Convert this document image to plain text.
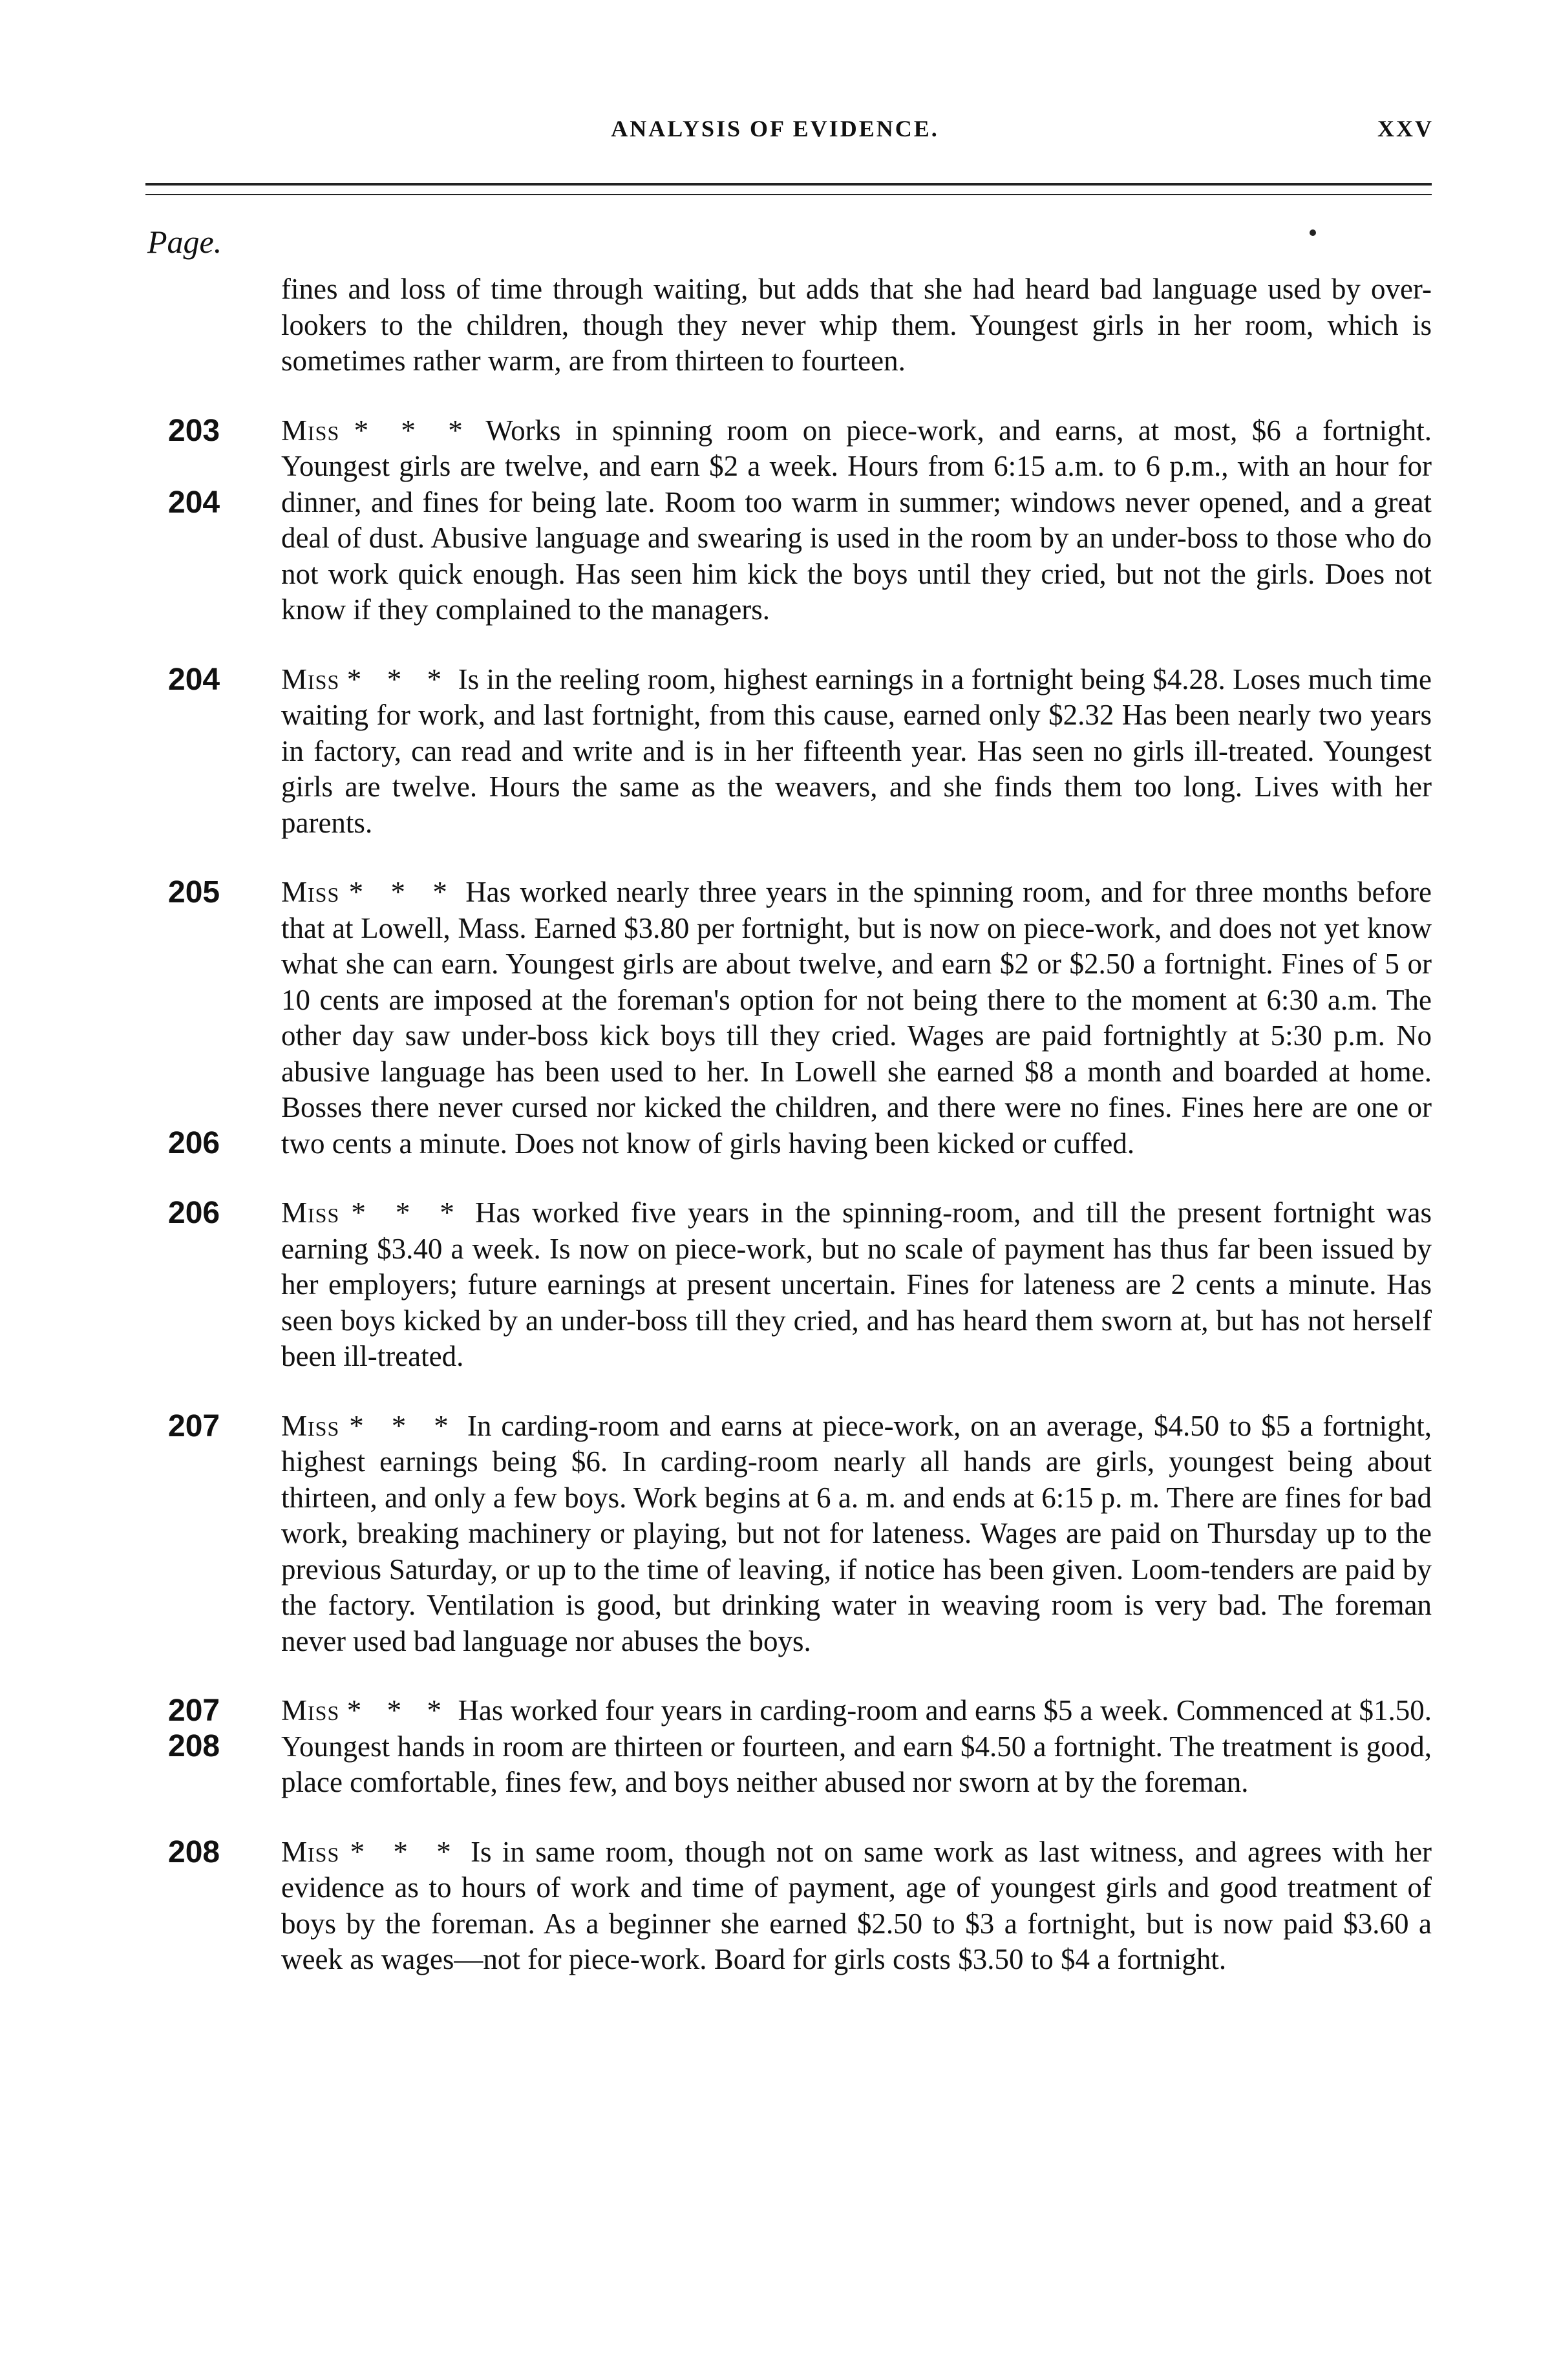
ANALYSIS OF EVIDENCE.	XXV
Page.
fines and loss of time through waiting, but adds that she had heard bad language used by over-lookers to the children, though they never whip them. Youngest girls in her room, which is sometimes rather warm, are from thirteen to fourteen.
203
204
Miss * * * Works in spinning room on piece-work, and earns, at most, $6 a fortnight. Youngest girls are twelve, and earn $2 a week. Hours from 6:15 a.m. to 6 p.m., with an hour for dinner, and fines for being late. Room too warm in summer; windows never opened, and a great deal of dust. Abusive language and swearing is used in the room by an under-boss to those who do not work quick enough. Has seen him kick the boys until they cried, but not the girls. Does not know if they complained to the managers.
204 Miss * * * Is in the reeling room, highest earnings in a fortnight being $4.28. Loses much time waiting for work, and last fortnight, from this cause, earned only $2.32 Has been nearly two years in factory, can read and write and is in her fifteenth year. Has seen no girls ill-treated. Youngest girls are twelve. Hours the same as the weavers, and she finds them too long. Lives with her parents.
205
206
Miss * * * Has worked nearly three years in the spinning room, and for three months before that at Lowell, Mass. Earned $3.80 per fortnight, but is now on piece-work, and does not yet know what she can earn. Youngest girls are about twelve, and earn $2 or $2.50 a fortnight. Fines of 5 or 10 cents are imposed at the foreman's option for not being there to the moment at 6:30 a.m. The other day saw under-boss kick boys till they cried. Wages are paid fortnightly at 5:30 p.m. No abusive language has been used to her. In Lowell she earned $8 a month and boarded at home. Bosses there never cursed nor kicked the children, and there were no fines. Fines here are one or two cents a minute. Does not know of girls having been kicked or cuffed.
206 Miss * * * Has worked five years in the spinning-room, and till the present fortnight was earning $3.40 a week. Is now on piece-work, but no scale of payment has thus far been issued by her employers; future earnings at present uncertain. Fines for lateness are 2 cents a minute. Has seen boys kicked by an under-boss till they cried, and has heard them sworn at, but has not herself been ill-treated.
207 Miss * * * In carding-room and earns at piece-work, on an average, $4.50 to $5 a fortnight, highest earnings being $6. In carding-room nearly all hands are girls, youngest being about thirteen, and only a few boys. Work begins at 6 a. m. and ends at 6:15 p. m. There are fines for bad work, breaking machinery or playing, but not for lateness. Wages are paid on Thursday up to the previous Saturday, or up to the time of leaving, if notice has been given. Loom-tenders are paid by the factory. Ventilation is good, but drinking water in weaving room is very bad. The foreman never used bad language nor abuses the boys.
207
208
Miss * * * Has worked four years in carding-room and earns $5 a week. Commenced at $1.50. Youngest hands in room are thirteen or fourteen, and earn $4.50 a fortnight. The treatment is good, place comfortable, fines few, and boys neither abused nor sworn at by the foreman.
208 Miss * * * Is in same room, though not on same work as last witness, and agrees with her evidence as to hours of work and time of payment, age of youngest girls and good treatment of boys by the foreman. As a beginner she earned $2.50 to $3 a fortnight, but is now paid $3.60 a week as wages—not for piece-work. Board for girls costs $3.50 to $4 a fortnight.
